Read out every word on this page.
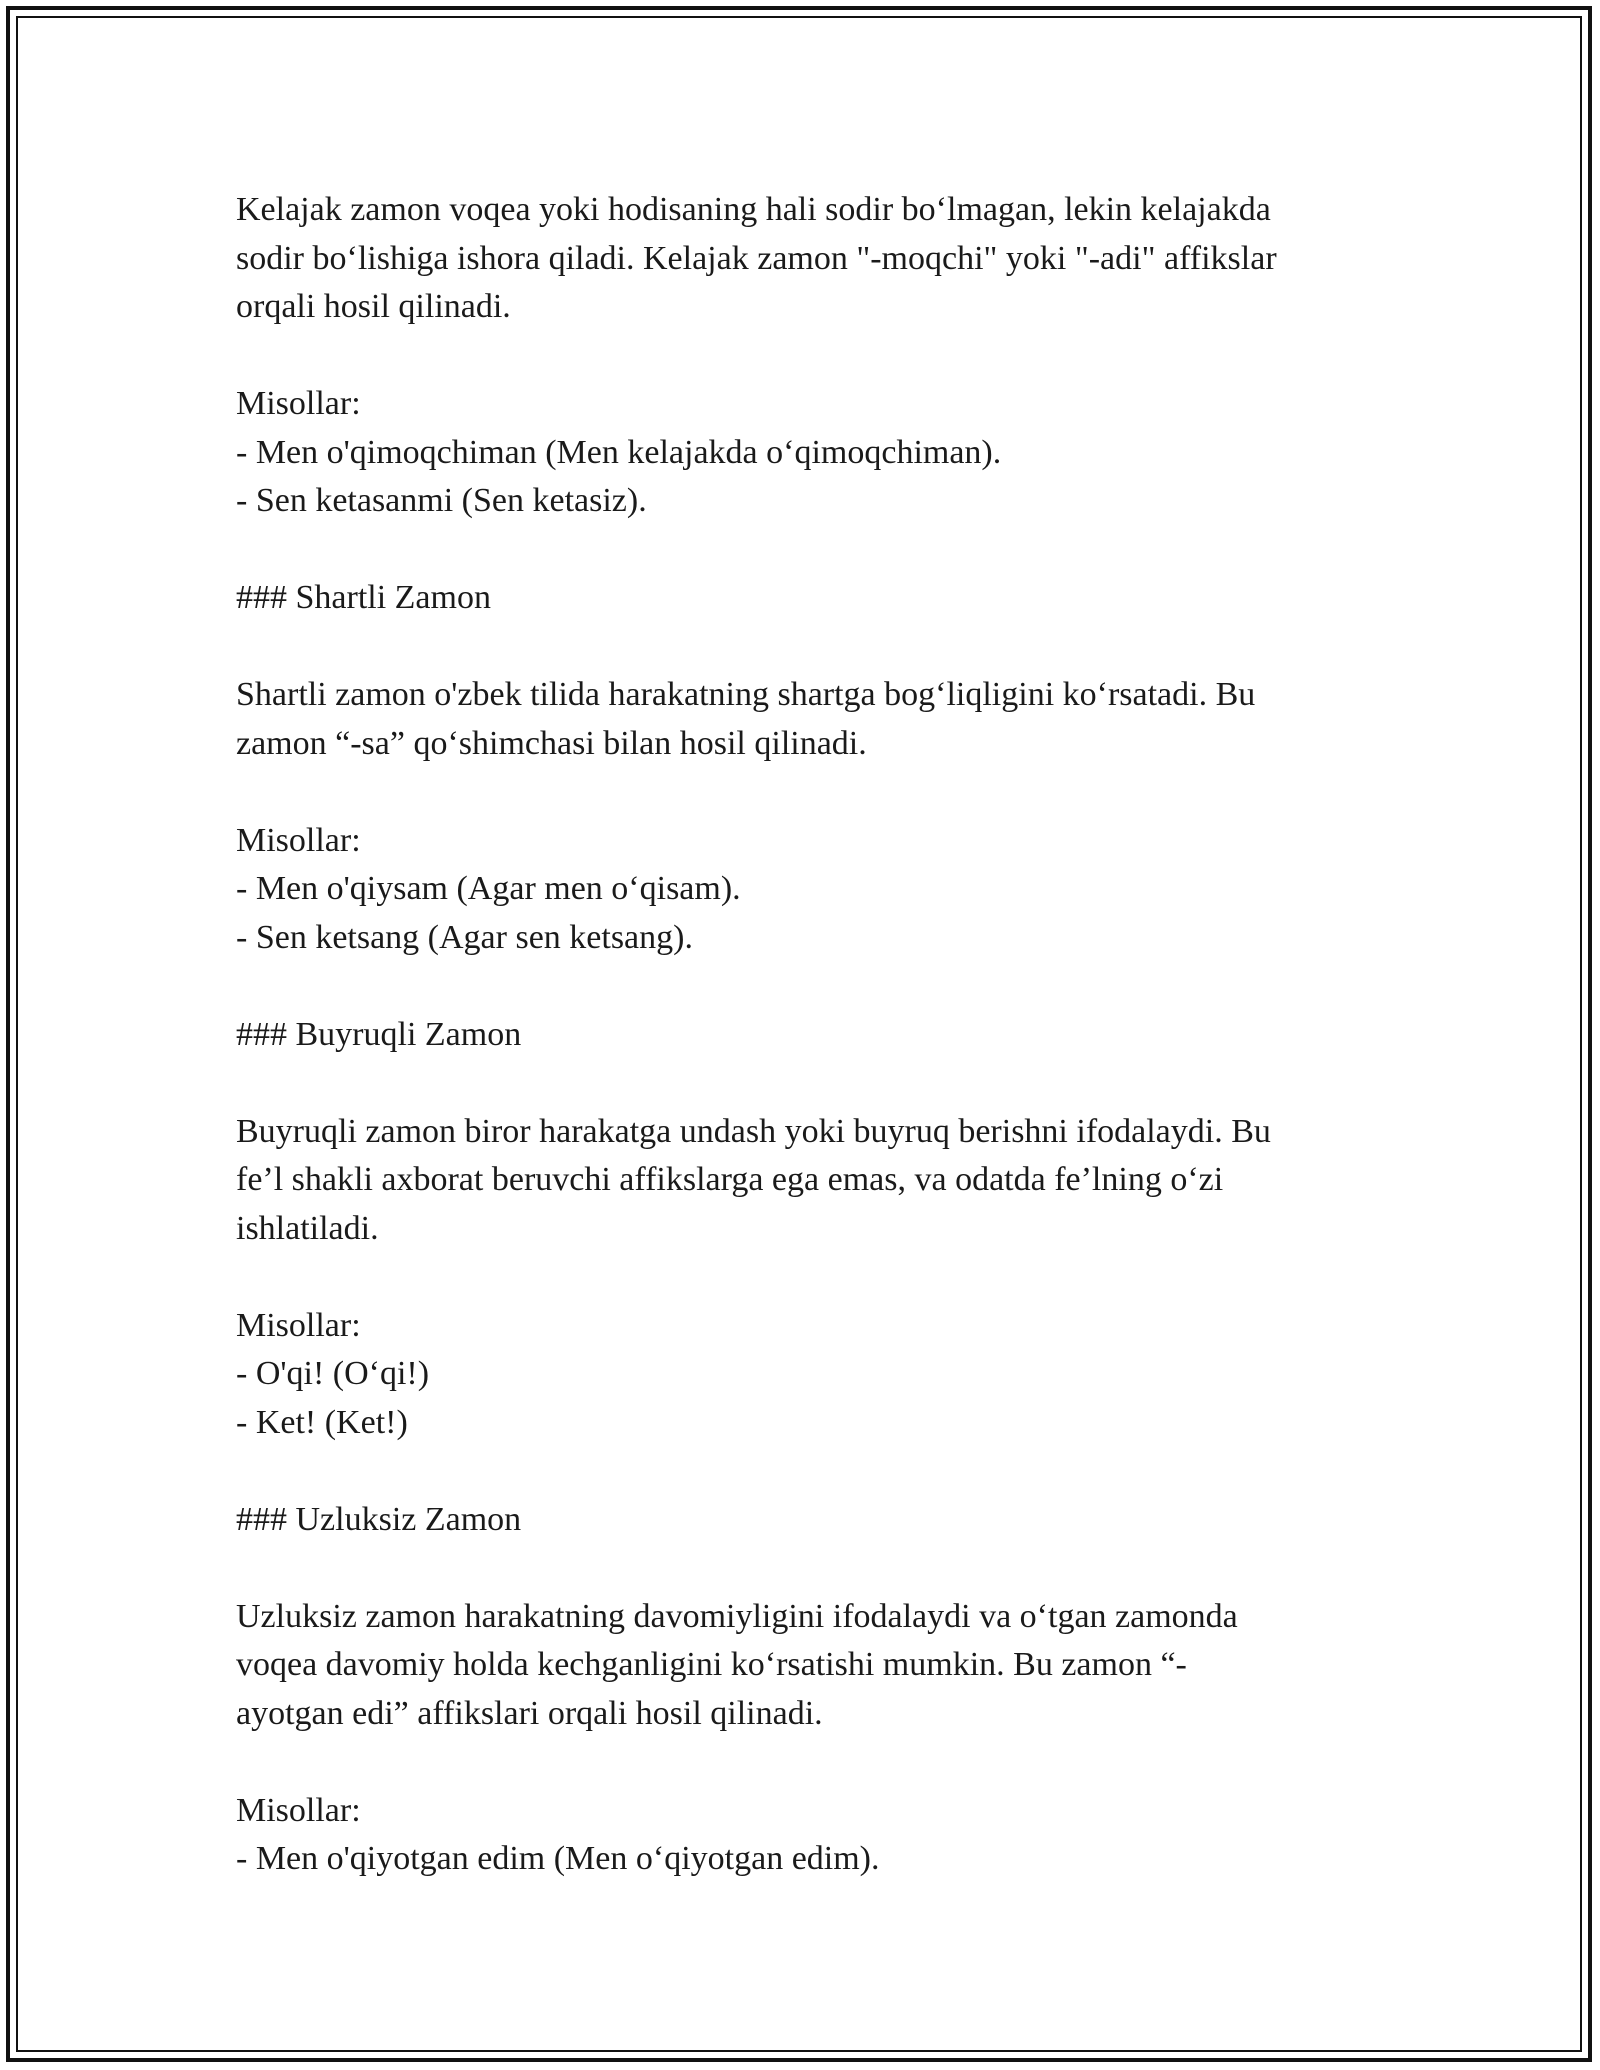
Kelajak zamon voqea yoki hodisaning hali sodir bo‘lmagan, lekin kelajakda
sodir bo‘lishiga ishora qiladi. Kelajak zamon "-moqchi" yoki "-adi" affikslar
orqali hosil qilinadi.

Misollar:
- Men o'qimoqchiman (Men kelajakda o‘qimoqchiman).
- Sen ketasanmi (Sen ketasiz).
### Shartli Zamon

Shartli zamon o'zbek tilida harakatning shartga bog‘liqligini ko‘rsatadi. Bu
zamon “-sa” qo‘shimchasi bilan hosil qilinadi.

Misollar:
- Men o'qiysam (Agar men o‘qisam).
- Sen ketsang (Agar sen ketsang).
### Buyruqli Zamon

Buyruqli zamon biror harakatga undash yoki buyruq berishni ifodalaydi. Bu
fe’l shakli axborat beruvchi affikslarga ega emas, va odatda fe’lning o‘zi
ishlatiladi.

Misollar:
- O'qi! (O‘qi!)
- Ket! (Ket!)
### Uzluksiz Zamon

Uzluksiz zamon harakatning davomiyligini ifodalaydi va o‘tgan zamonda
voqea davomiy holda kechganligini ko‘rsatishi mumkin. Bu zamon “-
ayotgan edi” affikslari orqali hosil qilinadi.

Misollar:
- Men o'qiyotgan edim (Men o‘qiyotgan edim).
